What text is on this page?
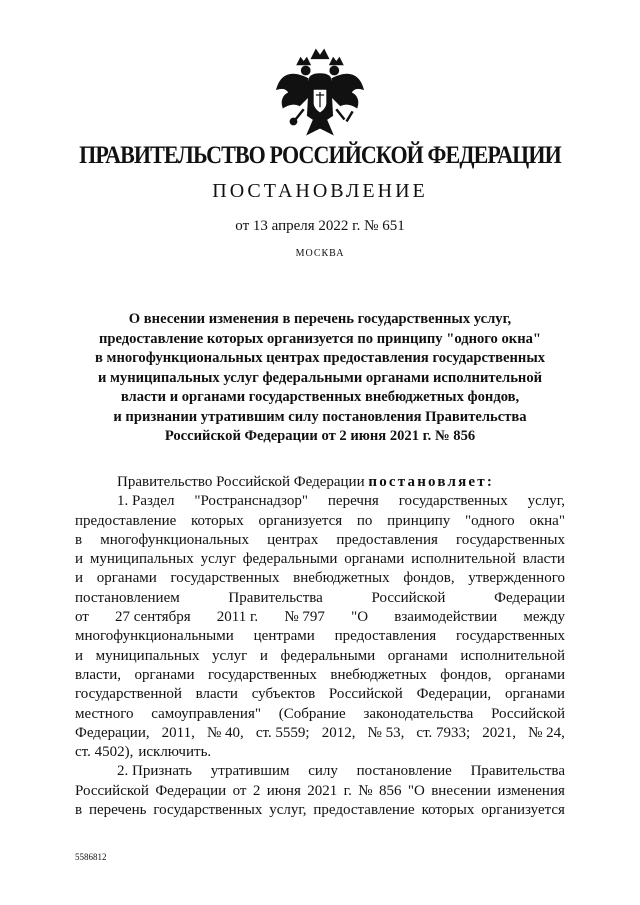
ПРАВИТЕЛЬСТВО РОССИЙСКОЙ ФЕДЕРАЦИИ
ПОСТАНОВЛЕНИЕ
от 13 апреля 2022 г. № 651
МОСКВА
О внесении изменения в перечень государственных услуг,
предоставление которых организуется по принципу "одного окна"
в многофункциональных центрах предоставления государственных
и муниципальных услуг федеральными органами исполнительной
власти и органами государственных внебюджетных фондов,
и признании утратившим силу постановления Правительства
Российской Федерации от 2 июня 2021 г. № 856
Правительство Российской Федерации
постановляет:
1. Раздел "Ространснадзор" перечня государственных услуг,
предоставление которых организуется по принципу "одного окна"
в многофункциональных центрах предоставления государственных
и муниципальных услуг федеральными органами исполнительной власти
и органами государственных внебюджетных фондов, утвержденного
постановлением	Правительства	Российской	Федерации
от 27 сентября 2011 г. № 797 "О взаимодействии между
многофункциональными центрами предоставления государственных
и муниципальных услуг и федеральными органами исполнительной
власти, органами государственных внебюджетных фондов, органами
государственной власти субъектов Российской Федерации, органами
местного самоуправления" (Собрание законодательства Российской
Федерации, 2011, № 40, ст. 5559; 2012, № 53, ст. 7933; 2021, № 24,
ст. 4502), исключить.
2. Признать утратившим силу постановление Правительства
Российской Федерации от 2 июня 2021 г. № 856 "О внесении изменения
в перечень государственных услуг, предоставление которых организуется
5586812
